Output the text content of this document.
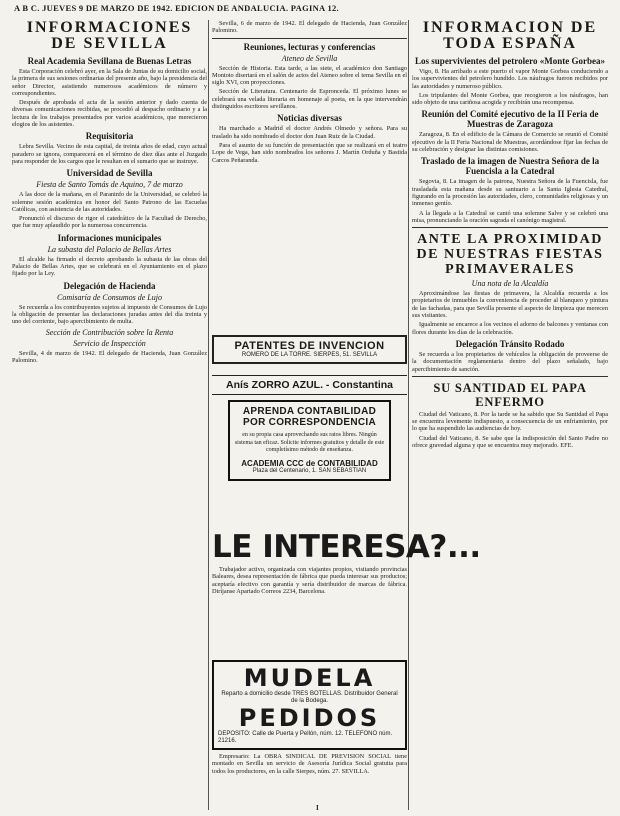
A B C. JUEVES 9 DE MARZO DE 1942. EDICION DE ANDALUCIA. PAGINA 12.
INFORMACIONES DE SEVILLA
Real Academia Sevillana de Buenas Letras

Esta Corporación celebró ayer, en la Sala de Juntas de su domicilio social, la primera de sus sesiones ordinarias del presente año, bajo la presidencia del señor Director, asistiendo numerosos académicos de número y correspondientes.

Después de aprobada el acta de la sesión anterior y dado cuenta de diversas comunicaciones recibidas, se procedió al despacho ordinario y a la lectura de los trabajos presentados por varios académicos, que merecieron elogios de los asistentes.

Requisitoria

Lebra Sevilla. Vecino de esta capital, de treinta años de edad, cuyo actual paradero se ignora, comparecerá en el término de diez días ante el Juzgado para responder de los cargos que le resultan en el sumario que se instruye.

Universidad de Sevilla
Fiesta de Santo Tomás de Aquino, 7 de marzo

A las doce de la mañana, en el Paraninfo de la Universidad, se celebró la solemne sesión académica en honor del Santo Patrono de las Escuelas Católicas, con asistencia de las autoridades.

Pronunció el discurso de rigor el catedrático de la Facultad de Derecho, que fue muy aplaudido por la numerosa concurrencia.

Informaciones municipales
La subasta del Palacio de Bellas Artes

El alcalde ha firmado el decreto aprobando la subasta de las obras del Palacio de Bellas Artes, que se celebrará en el Ayuntamiento en el plazo fijado por la Ley.

Delegación de Hacienda
Comisaría de Consumos de Lujo

Se recuerda a los contribuyentes sujetos al impuesto de Consumos de Lujo la obligación de presentar las declaraciones juradas antes del día treinta y uno del corriente, bajo apercibimiento de multa.

Sección de Contribución sobre la Renta
Servicio de Inspección

Sevilla, 4 de marzo de 1942. El delegado de Hacienda, Juan González Palomino.

Sevilla, 6 de marzo de 1942. El delegado de Hacienda, Juan González Palomino.

Reuniones, lecturas y conferencias
Ateneo de Sevilla

Sección de Historia. Esta tarde, a las siete, el académico don Santiago Montoto disertará en el salón de actos del Ateneo sobre el tema Sevilla en el siglo XVI, con proyecciones.

Sección de Literatura. Centenario de Espronceda. El próximo lunes se celebrará una velada literaria en homenaje al poeta, en la que intervendrán distinguidos escritores sevillanos.

Noticias diversas

Ha marchado a Madrid el doctor Andrés Olmedo y señora. Para su traslado ha sido nombrado el doctor don Juan Ruiz de la Ciudad.

Para el asunto de su función de presentación que se realizará en el teatro Lope de Vega, han sido nombrados los señores J. Martín Orduña y Bastida Carcos Peñaranda.

PATENTES DE INVENCION
ROMERO DE LA TORRE. SIERPES, 51. SEVILLA
Anís ZORRO AZUL. - Constantina
APRENDA CONTABILIDAD POR CORRESPONDENCIA
en su propia casa aprovechando sus ratos libres. Ningún sistema tan eficaz. Solicite informes gratuitos y detalle de este completísimo método de enseñanza.
ACADEMIA CCC de CONTABILIDAD
Plaza del Centenario, 1. SAN SEBASTIAN
LE INTERESA?...

Trabajador activo, organizada con viajantes propios, visitando provincias Baleares, desea representación de fábrica que pueda interesar sus productos; aceptaría efectivo con garantía y sería distribuidor de marcas de fábrica. Diríjanse Apartado Correos 2234, Barcelona.

MUDELA
Reparto a domicilio desde TRES BOTELLAS. Distribuidor General de la Bodega.
PEDIDOS
DEPOSITO: Calle de Puerta y Pellón, núm. 12. TELEFONO núm. 21216.

Empresario: La OBRA SINDICAL DE PREVISION SOCIAL tiene montado en Sevilla un servicio de Asesoría Jurídica Social gratuita para todos los productores, en la calle Sierpes, núm. 27. SEVILLA.

INFORMACION DE TODA ESPAÑA
Los supervivientes del petrolero «Monte Gorbea»

Vigo, 8. Ha arribado a este puerto el vapor Monte Gorbea conduciendo a los supervivientes del petrolero hundido. Los náufragos fueron recibidos por las autoridades y numeroso público.

Los tripulantes del Monte Gorbea, que recogieron a los náufragos, han sido objeto de una cariñosa acogida y recibirán una recompensa.

Reunión del Comité ejecutivo de la II Feria de Muestras de Zaragoza

Zaragoza, 8. En el edificio de la Cámara de Comercio se reunió el Comité ejecutivo de la II Feria Nacional de Muestras, acordándose fijar las fechas de su celebración y designar las distintas comisiones.

Traslado de la imagen de Nuestra Señora de la Fuencisla a la Catedral

Segovia, 8. La imagen de la patrona, Nuestra Señora de la Fuencisla, fue trasladada esta mañana desde su santuario a la Santa Iglesia Catedral, figurando en la procesión las autoridades, clero, comunidades religiosas y un inmenso gentío.

A la llegada a la Catedral se cantó una solemne Salve y se celebró una misa, pronunciando la oración sagrada el canónigo magistral.

ANTE LA PROXIMIDAD DE NUESTRAS FIESTAS PRIMAVERALES
Una nota de la Alcaldía

Aproximándose las fiestas de primavera, la Alcaldía recuerda a los propietarios de inmuebles la conveniencia de proceder al blanqueo y pintura de las fachadas, para que Sevilla presente el aspecto de limpieza que merecen sus visitantes.

Igualmente se encarece a los vecinos el adorno de balcones y ventanas con flores durante los días de la celebración.

Delegación Tránsito Rodado

Se recuerda a los propietarios de vehículos la obligación de proveerse de la documentación reglamentaria dentro del plazo señalado, bajo apercibimiento de sanción.

SU SANTIDAD EL PAPA ENFERMO

Ciudad del Vaticano, 8. Por la tarde se ha sabido que Su Santidad el Papa se encuentra levemente indispuesto, a consecuencia de un enfriamiento, por lo que ha suspendido las audiencias de hoy.

Ciudad del Vaticano, 8. Se sabe que la indisposición del Santo Padre no ofrece gravedad alguna y que se encuentra muy mejorado. EFE.

I
